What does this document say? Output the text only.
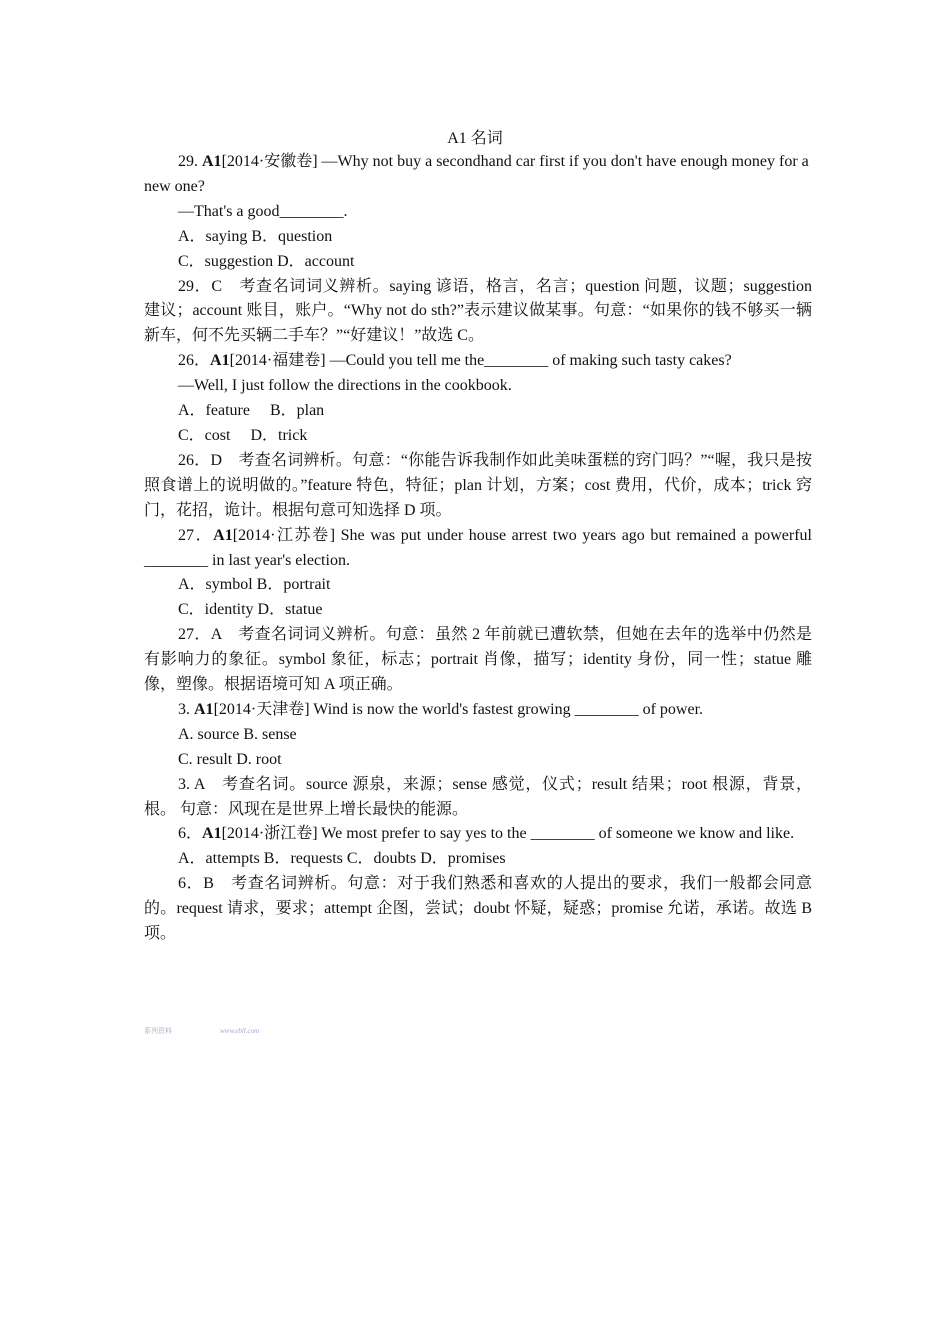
A1 名词

29. A1[2014·安徽卷] —Why not buy a secondhand car first if you don't have enough money for a new one?

—That's a good________.

A．saying B．question

C．suggestion D．account

29．C　考查名词词义辨析。saying 谚语，格言，名言；question 问题，议题；suggestion 建议；account 账目，账户。“Why not do sth?”表示建议做某事。句意：“如果你的钱不够买一辆新车，何不先买辆二手车？”“好建议！”故选 C。

26．A1[2014·福建卷] —Could you tell me the________ of making such tasty cakes?

—Well, I just follow the directions in the cookbook.

A．feature　 B．plan

C．cost　 D．trick

26．D　考查名词辨析。句意：“你能告诉我制作如此美味蛋糕的窍门吗？”“喔，我只是按照食谱上的说明做的。”feature 特色，特征；plan 计划，方案；cost 费用，代价，成本；trick 窍门，花招，诡计。根据句意可知选择 D 项。

27．A1[2014·江苏卷] She was put under house arrest two years ago but remained a powerful ________ in last year's election.

A．symbol B．portrait

C．identity D．statue

27．A　考查名词词义辨析。句意：虽然 2 年前就已遭软禁，但她在去年的选举中仍然是有影响力的象征。symbol 象征，标志；portrait 肖像，描写；identity 身份，同一性；statue 雕像，塑像。根据语境可知 A 项正确。

3. A1[2014·天津卷] Wind is now the world's fastest growing ________ of power.

A. source B. sense

C. result D. root

3. A　考查名词。source 源泉，来源；sense 感觉，仪式；result 结果；root 根源，背景，根。 句意：风现在是世界上增长最快的能源。

6．A1[2014·浙江卷] We most prefer to say yes to the ________ of someone we know and like.

A．attempts B．requests C．doubts D．promises

6．B　考查名词辨析。句意：对于我们熟悉和喜欢的人提出的要求，我们一般都会同意的。request 请求，要求；attempt 企图，尝试；doubt 怀疑，疑惑；promise 允诺，承诺。故选 B 项。

系列资料	www.ebll.com
